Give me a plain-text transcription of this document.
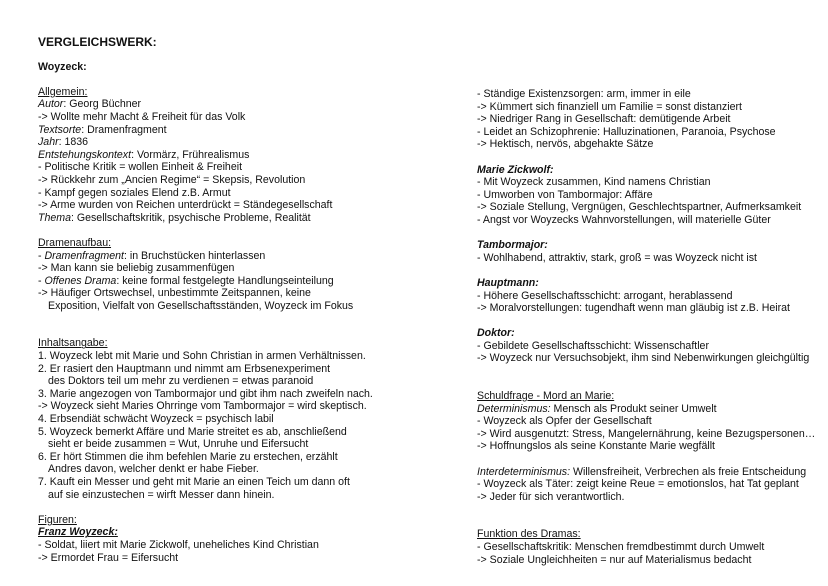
VERGLEICHSWERK:
Woyzeck:
Allgemein:
Autor: Georg Büchner
-> Wollte mehr Macht & Freiheit für das Volk
Textsorte: Dramenfragment
Jahr: 1836
Entstehungskontext: Vormärz, Frührealismus
- Politische Kritik = wollen Einheit & Freiheit
-> Rückkehr zum „Ancien Regime“ = Skepsis, Revolution
- Kampf gegen soziales Elend z.B. Armut
-> Arme wurden von Reichen unterdrückt = Ständegesellschaft
Thema: Gesellschaftskritik, psychische Probleme, Realität
Dramenaufbau:
- Dramenfragment: in Bruchstücken hinterlassen
-> Man kann sie beliebig zusammenfügen
- Offenes Drama: keine formal festgelegte Handlungseinteilung
-> Häufiger Ortswechsel, unbestimmte Zeitspannen, keine
Exposition, Vielfalt von Gesellschaftsständen, Woyzeck im Fokus
Inhaltsangabe:
1. Woyzeck lebt mit Marie und Sohn Christian in armen Verhältnissen.
2. Er rasiert den Hauptmann und nimmt am Erbsenexperiment
des Doktors teil um mehr zu verdienen = etwas paranoid
3. Marie angezogen von Tambormajor und gibt ihm nach zweifeln nach.
-> Woyzeck sieht Maries Ohrringe vom Tambormajor = wird skeptisch.
4. Erbsendiät schwächt Woyzeck = psychisch labil
5. Woyzeck bemerkt Affäre und Marie streitet es ab, anschließend
sieht er beide zusammen = Wut, Unruhe und Eifersucht
6. Er hört Stimmen die ihm befehlen Marie zu erstechen, erzählt
Andres davon, welcher denkt er habe Fieber.
7. Kauft ein Messer und geht mit Marie an einen Teich um dann oft
auf sie einzustechen = wirft Messer dann hinein.
Figuren:
Franz Woyzeck:
- Soldat, liiert mit Marie Zickwolf, uneheliches Kind Christian
-> Ermordet Frau = Eifersucht
- Ständige Existenzsorgen: arm, immer in eile
-> Kümmert sich finanziell um Familie = sonst distanziert
-> Niedriger Rang in Gesellschaft: demütigende Arbeit
- Leidet an Schizophrenie: Halluzinationen, Paranoia, Psychose
-> Hektisch, nervös, abgehakte Sätze
Marie Zickwolf:
- Mit Woyzeck zusammen, Kind namens Christian
- Umworben von Tambormajor: Affäre
-> Soziale Stellung, Vergnügen, Geschlechtspartner, Aufmerksamkeit
- Angst vor Woyzecks Wahnvorstellungen, will materielle Güter
Tambormajor:
- Wohlhabend, attraktiv, stark, groß = was Woyzeck nicht ist
Hauptmann:
- Höhere Gesellschaftsschicht: arrogant, herablassend
-> Moralvorstellungen: tugendhaft wenn man gläubig ist z.B. Heirat
Doktor:
- Gebildete Gesellschaftsschicht: Wissenschaftler
-> Woyzeck nur Versuchsobjekt, ihm sind Nebenwirkungen gleichgültig
Schuldfrage - Mord an Marie:
Determinismus: Mensch als Produkt seiner Umwelt
- Woyzeck als Opfer der Gesellschaft
-> Wird ausgenutzt: Stress, Mangelernährung, keine Bezugspersonen…
-> Hoffnungslos als seine Konstante Marie wegfällt
Interdeterminismus: Willensfreiheit, Verbrechen als freie Entscheidung
- Woyzeck als Täter: zeigt keine Reue = emotionslos, hat Tat geplant
-> Jeder für sich verantwortlich.
Funktion des Dramas:
- Gesellschaftskritik: Menschen fremdbestimmt durch Umwelt
-> Soziale Ungleichheiten = nur auf Materialismus bedacht
